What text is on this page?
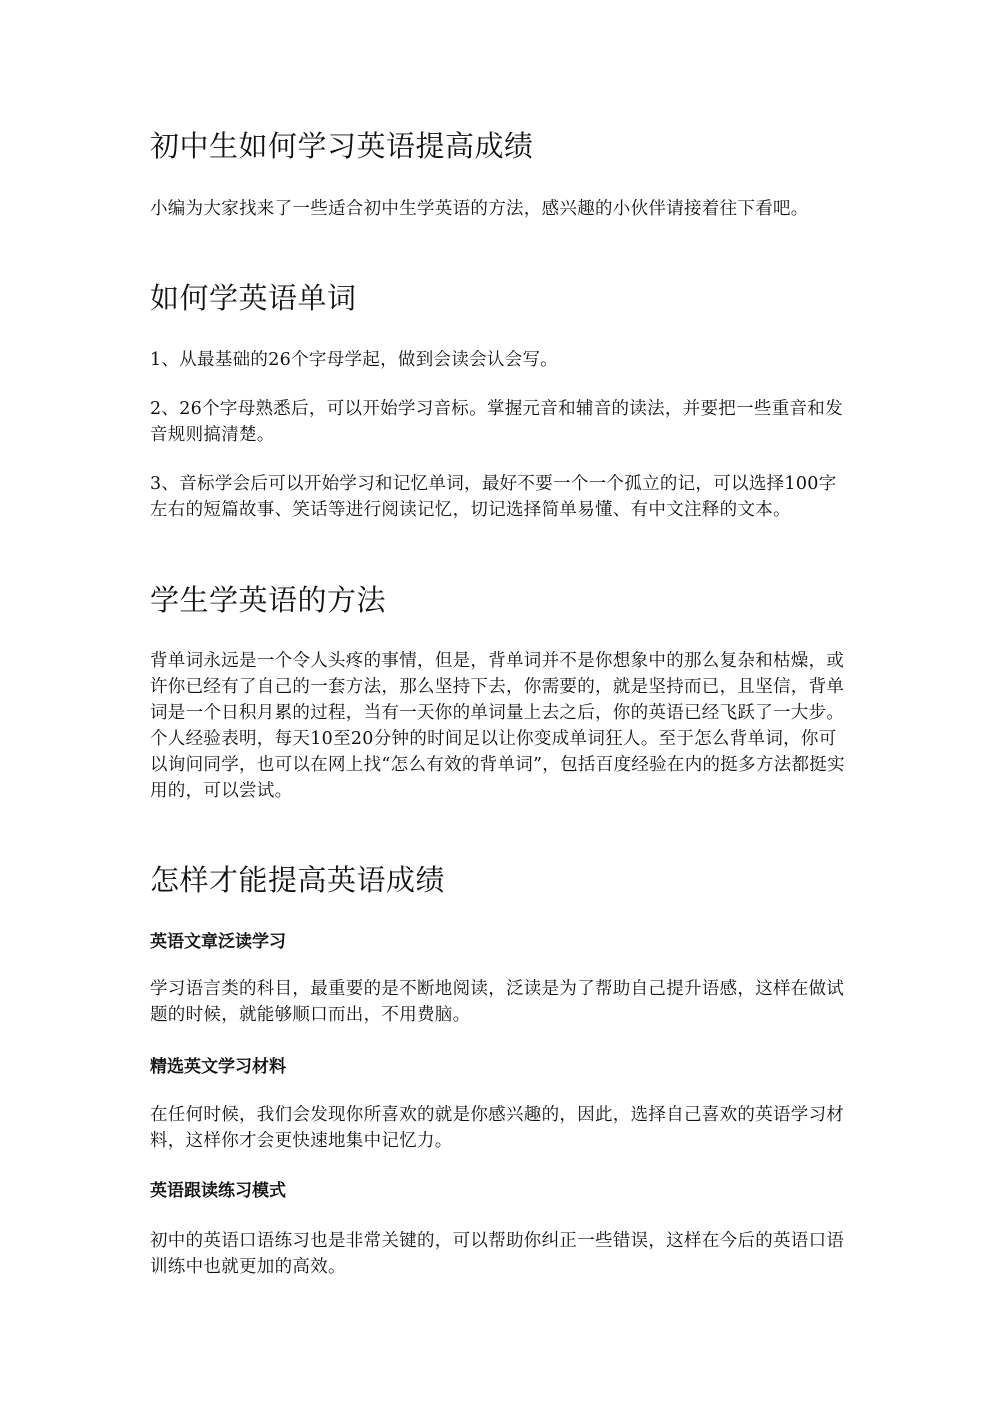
初中生如何学习英语提高成绩

小编为大家找来了一些适合初中生学英语的方法，感兴趣的小伙伴请接着往下看吧。

如何学英语单词

1、从最基础的26个字母学起，做到会读会认会写。

2、26个字母熟悉后，可以开始学习音标。掌握元音和辅音的读法，并要把一些重音和发音规则搞清楚。

3、音标学会后可以开始学习和记忆单词，最好不要一个一个孤立的记，可以选择100字左右的短篇故事、笑话等进行阅读记忆，切记选择简单易懂、有中文注释的文本。

学生学英语的方法

背单词永远是一个令人头疼的事情，但是，背单词并不是你想象中的那么复杂和枯燥，或许你已经有了自己的一套方法，那么坚持下去，你需要的，就是坚持而已，且坚信，背单词是一个日积月累的过程，当有一天你的单词量上去之后，你的英语已经飞跃了一大步。个人经验表明，每天10至20分钟的时间足以让你变成单词狂人。至于怎么背单词，你可以询问同学，也可以在网上找“怎么有效的背单词”，包括百度经验在内的挺多方法都挺实用的，可以尝试。

怎样才能提高英语成绩
英语文章泛读学习

学习语言类的科目，最重要的是不断地阅读，泛读是为了帮助自己提升语感，这样在做试题的时候，就能够顺口而出，不用费脑。

精选英文学习材料

在任何时候，我们会发现你所喜欢的就是你感兴趣的，因此，选择自己喜欢的英语学习材料，这样你才会更快速地集中记忆力。

英语跟读练习模式

初中的英语口语练习也是非常关键的，可以帮助你纠正一些错误，这样在今后的英语口语训练中也就更加的高效。
